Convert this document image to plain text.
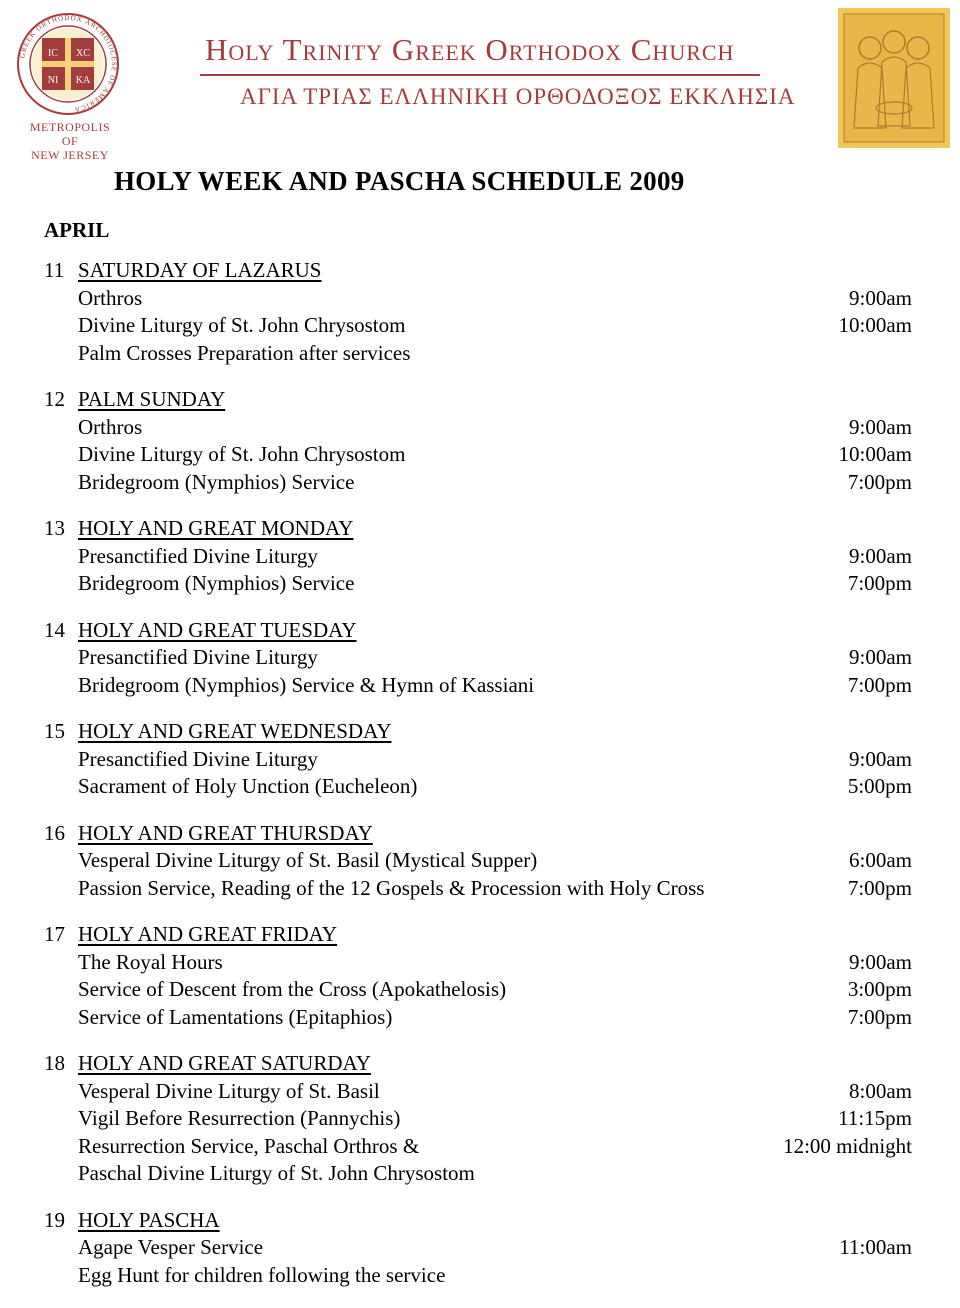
GREEK ORTHODOX ARCHDIOCESE OF AMERICA
IC XC
NI KA
METROPOLIS OF
NEW JERSEY
Holy Trinity Greek Orthodox Church
ΑΓΙΑ ΤΡΙΑΣ ΕΛΛΗΝΙΚΗ ΟΡΘΟΔΟΞΟΣ ΕΚΚΛΗΣΙΑ
HOLY WEEK AND PASCHA SCHEDULE 2009
APRIL
11 SATURDAY OF LAZARUS
Orthros	9:00am
Divine Liturgy of St. John Chrysostom	10:00am
Palm Crosses Preparation after services
12 PALM SUNDAY
Orthros	9:00am
Divine Liturgy of St. John Chrysostom	10:00am
Bridegroom (Nymphios) Service	7:00pm
13 HOLY AND GREAT MONDAY
Presanctified Divine Liturgy	9:00am
Bridegroom (Nymphios) Service	7:00pm
14 HOLY AND GREAT TUESDAY
Presanctified Divine Liturgy	9:00am
Bridegroom (Nymphios) Service & Hymn of Kassiani	7:00pm
15 HOLY AND GREAT WEDNESDAY
Presanctified Divine Liturgy	9:00am
Sacrament of Holy Unction (Eucheleon)	5:00pm
16 HOLY AND GREAT THURSDAY
Vesperal Divine Liturgy of St. Basil (Mystical Supper)	6:00am
Passion Service, Reading of the 12 Gospels & Procession with Holy Cross	7:00pm
17 HOLY AND GREAT FRIDAY
The Royal Hours	9:00am
Service of Descent from the Cross (Apokathelosis)	3:00pm
Service of Lamentations (Epitaphios)	7:00pm
18 HOLY AND GREAT SATURDAY
Vesperal Divine Liturgy of St. Basil	8:00am
Vigil Before Resurrection (Pannychis)	11:15pm
Resurrection Service, Paschal Orthros &	12:00 midnight
Paschal Divine Liturgy of St. John Chrysostom
19 HOLY PASCHA
Agape Vesper Service	11:00am
Egg Hunt for children following the service
